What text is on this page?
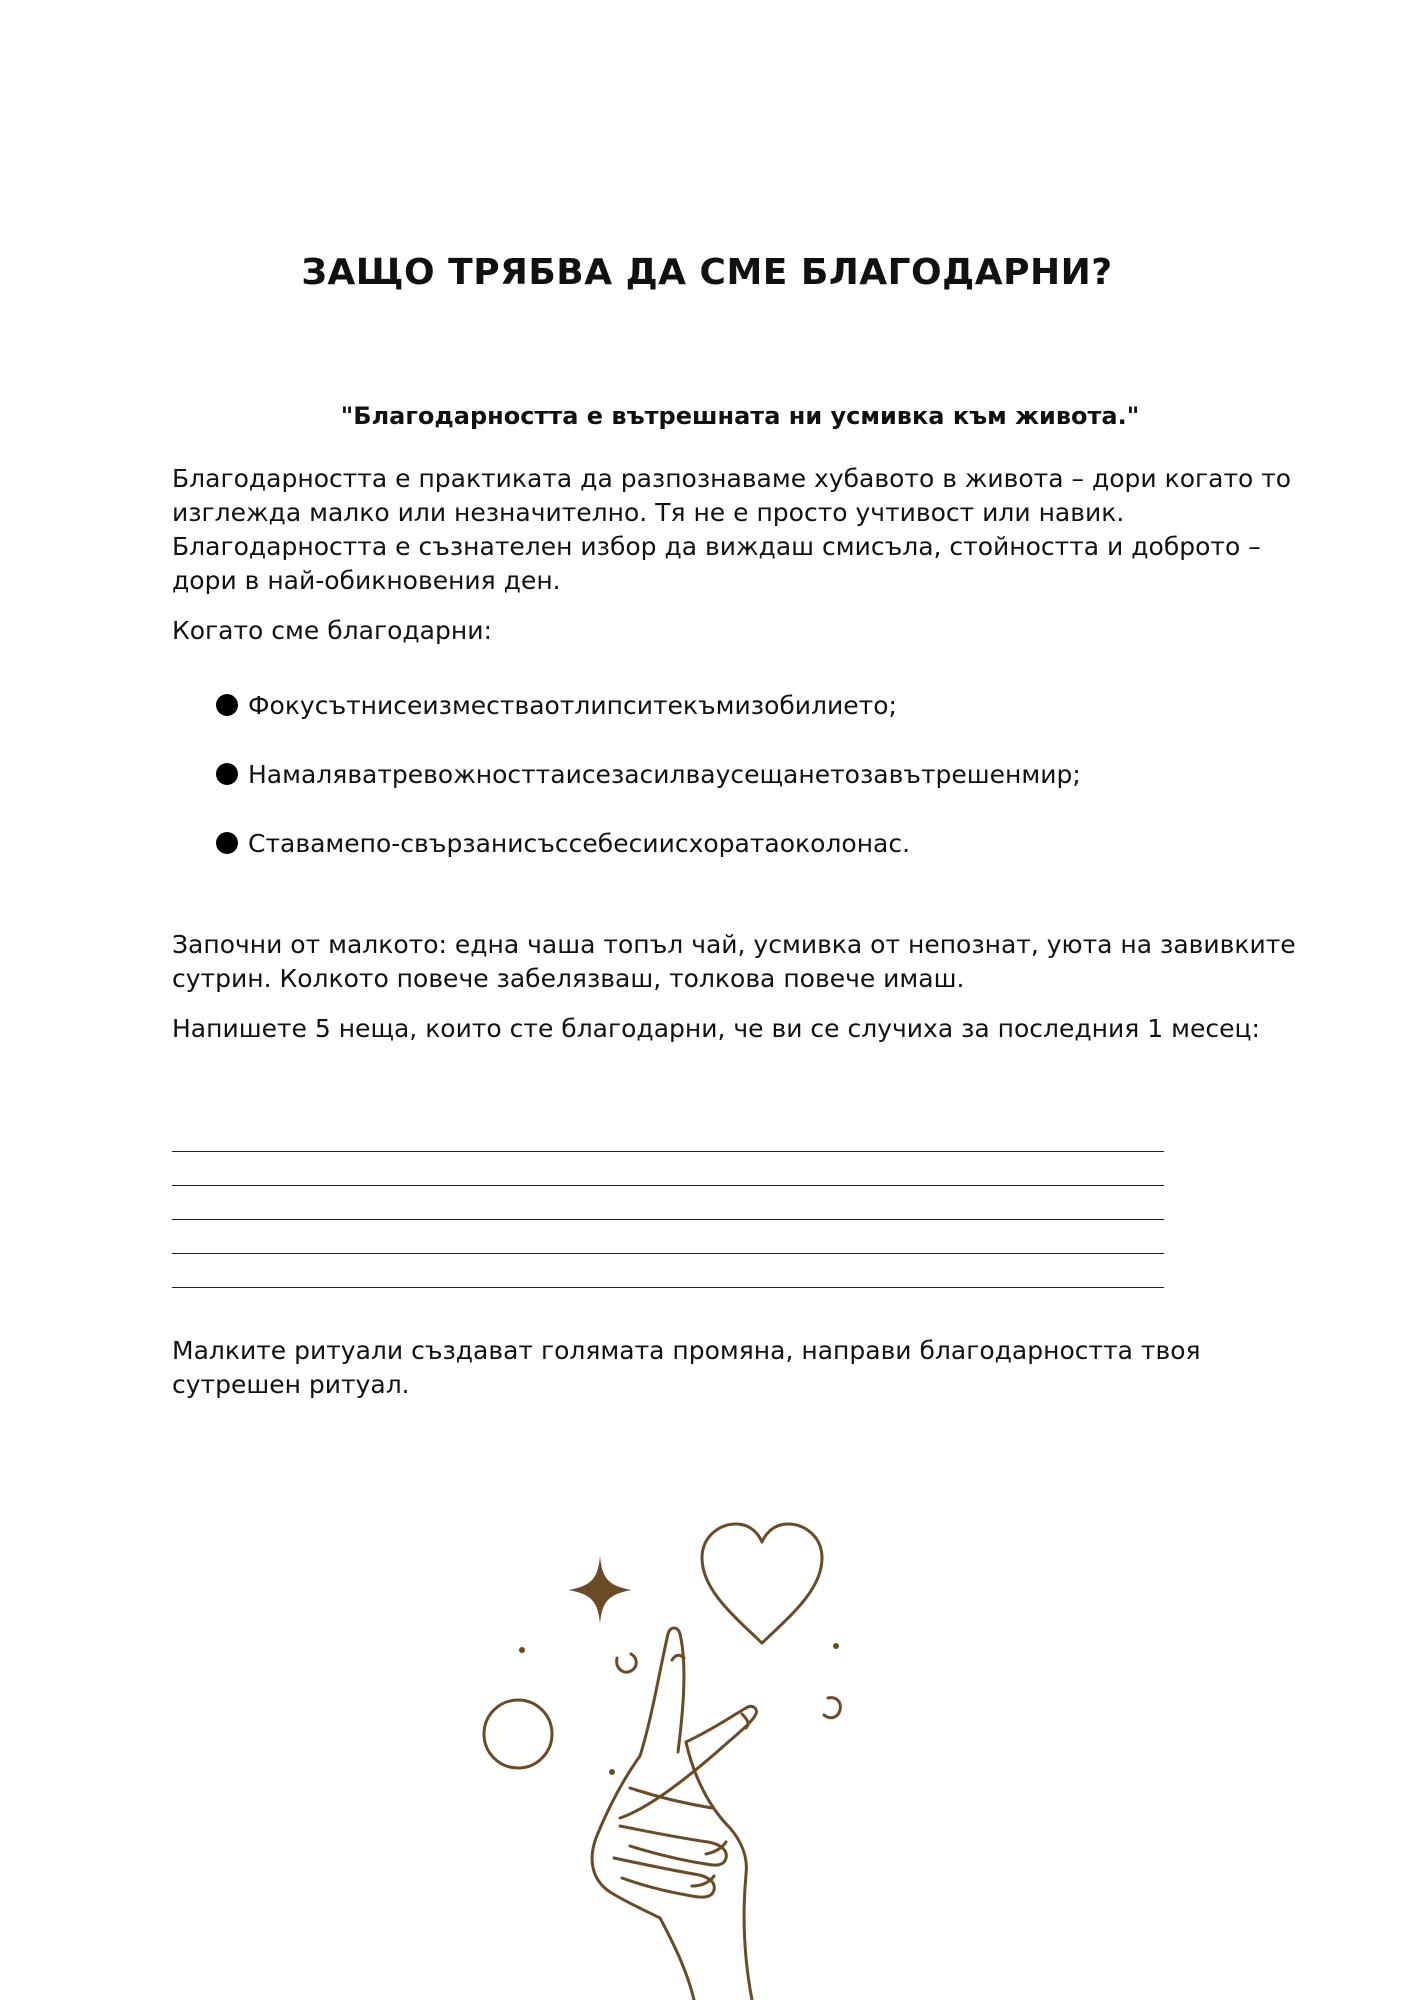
ЗАЩО ТРЯБВА ДА СМЕ БЛАГОДАРНИ?

"Благодарността е вътрешната ни усмивка към живота."

Благодарността е практиката да разпознаваме хубавото в живота – дори когато то изглежда малко или незначително. Тя не е просто учтивост или навик. Благодарността е съзнателен избор да виждаш смисъла, стойността и доброто – дори в най-обикновения ден.

Когато сме благодарни:

Фокусътнисеизместваотлипситекъмизобилието;
Намаляватревожносттаисезасилваусещанетозавътрешенмир;
Ставамепо-свързанисъссебесиисхоратаоколонас.

Започни от малкото: една чаша топъл чай, усмивка от непознат, уюта на завивките сутрин. Колкото повече забелязваш, толкова повече имаш.

Напишете 5 неща, които сте благодарни, че ви се случиха за последния 1 месец:

Малките ритуали създават голямата промяна, направи благодарността твоя сутрешен ритуал.
